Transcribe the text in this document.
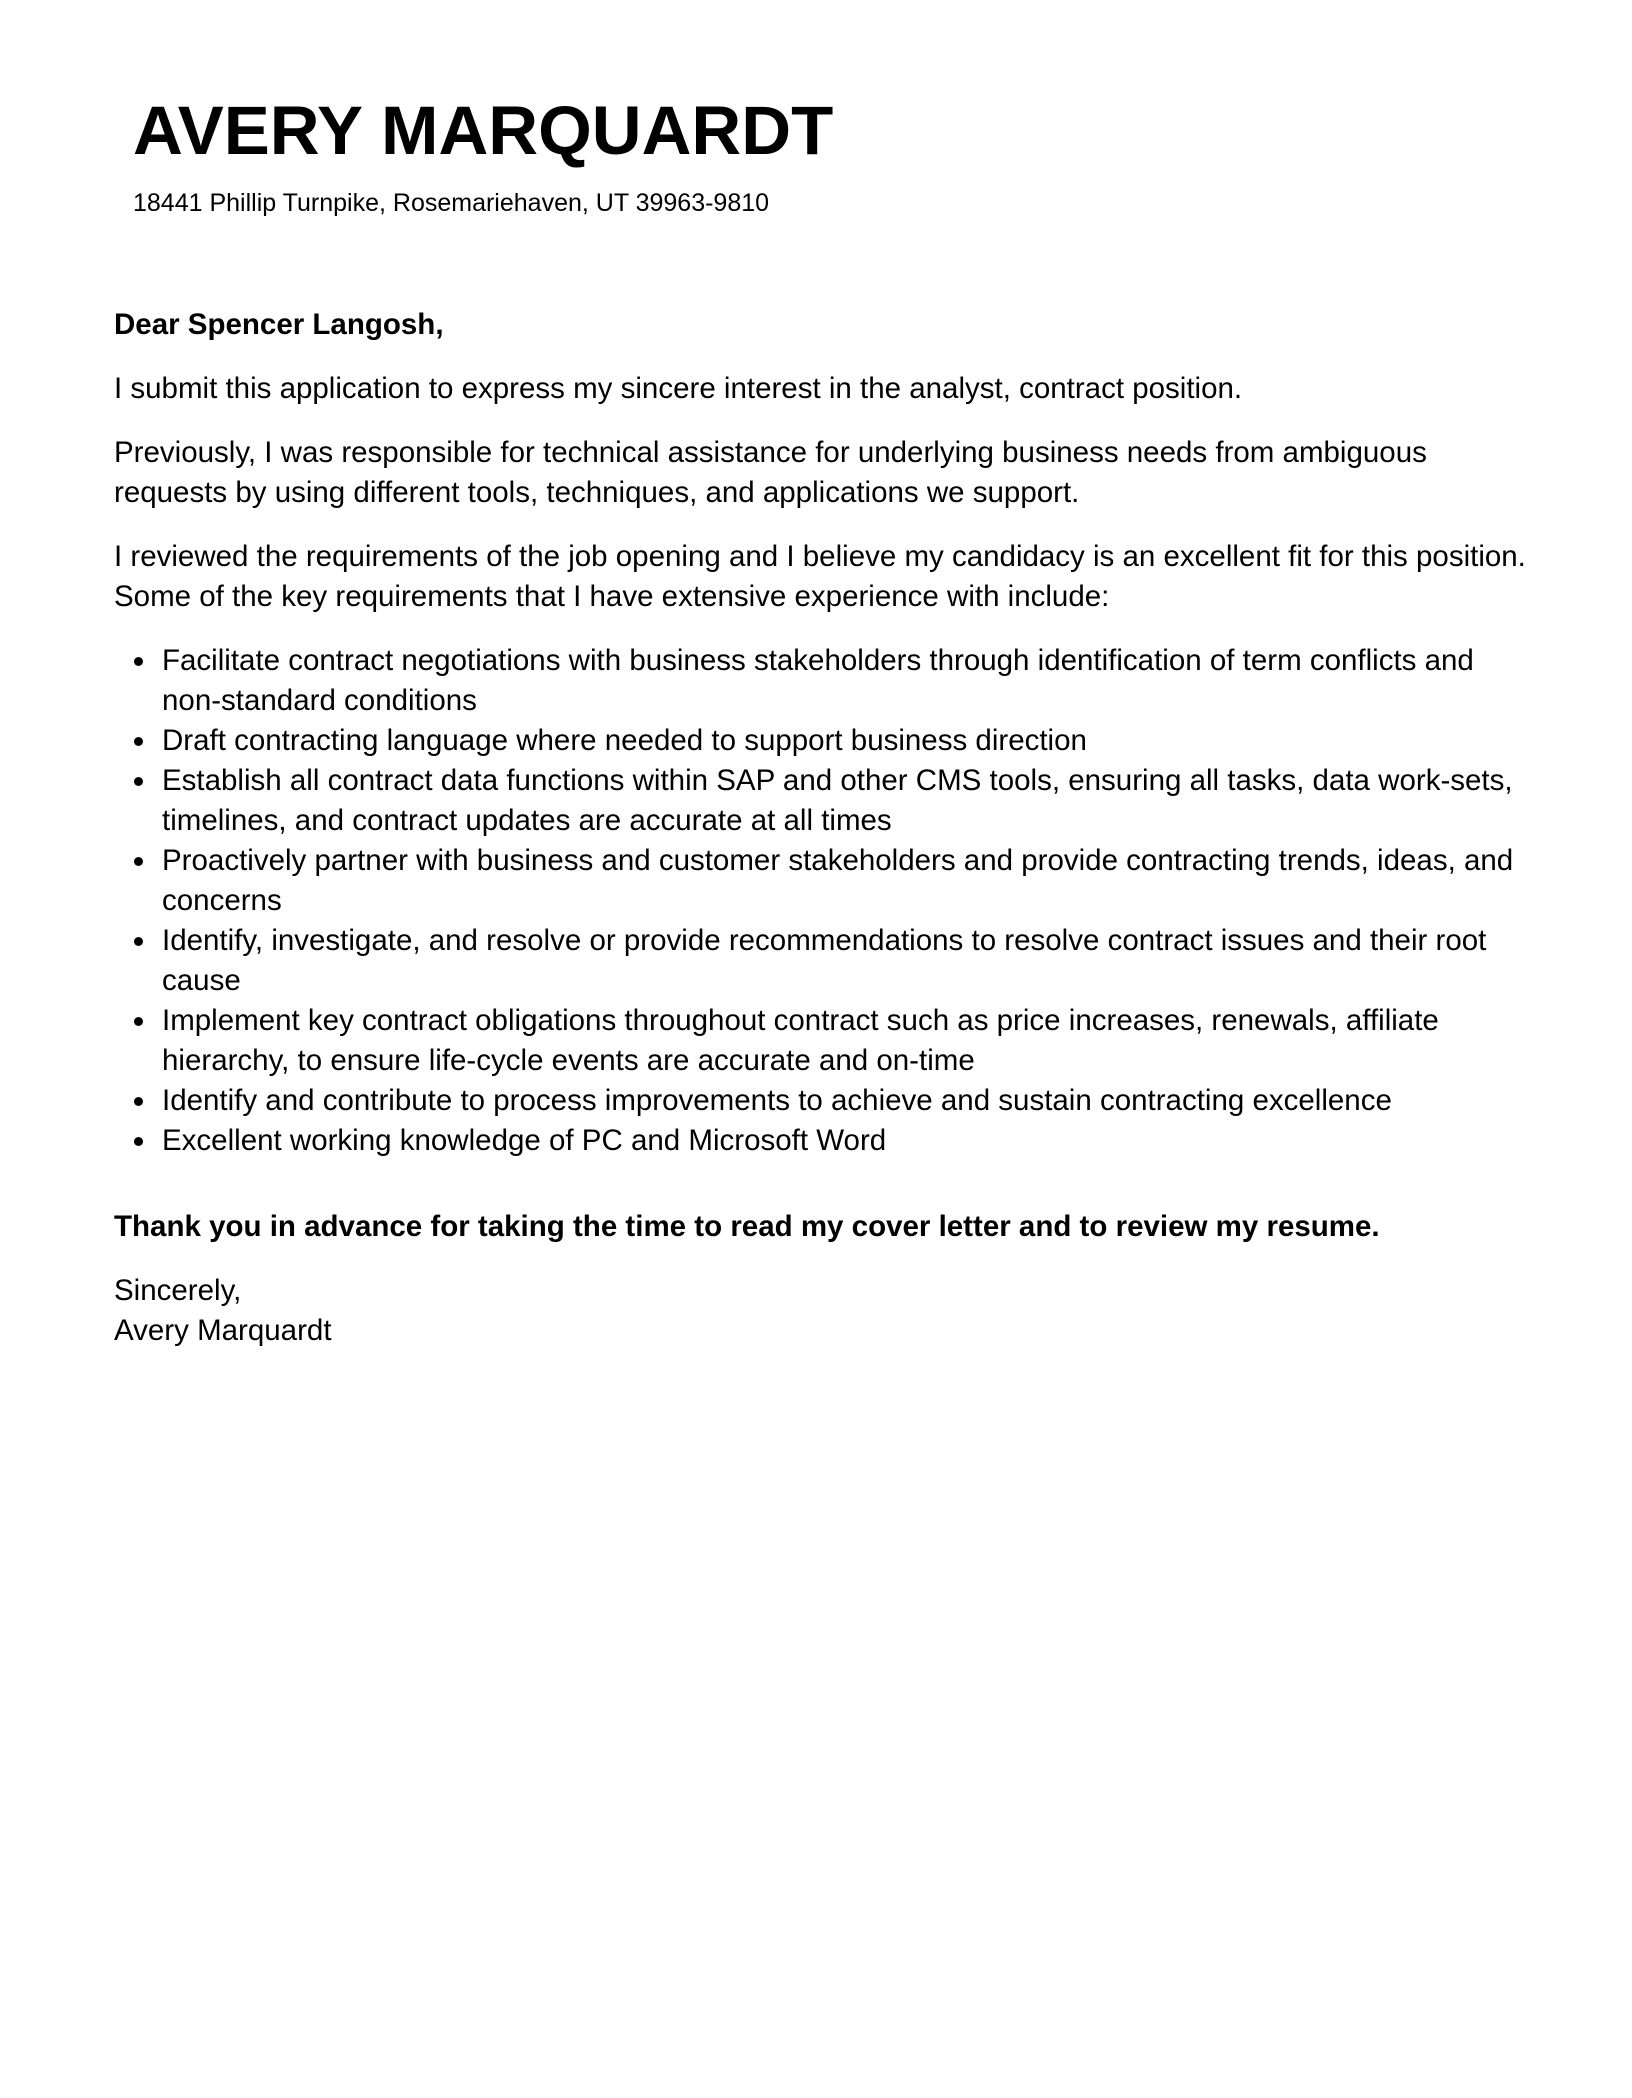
AVERY MARQUARDT
18441 Phillip Turnpike, Rosemariehaven, UT 39963-9810
Dear Spencer Langosh,

I submit this application to express my sincere interest in the analyst, contract position.

Previously, I was responsible for technical assistance for underlying business needs from ambiguous requests by using different tools, techniques, and applications we support.

I reviewed the requirements of the job opening and I believe my candidacy is an excellent fit for this position. Some of the key requirements that I have extensive experience with include:

Facilitate contract negotiations with business stakeholders through identification of term conflicts and non-standard conditions
Draft contracting language where needed to support business direction
Establish all contract data functions within SAP and other CMS tools, ensuring all tasks, data work-sets, timelines, and contract updates are accurate at all times
Proactively partner with business and customer stakeholders and provide contracting trends, ideas, and concerns
Identify, investigate, and resolve or provide recommendations to resolve contract issues and their root cause
Implement key contract obligations throughout contract such as price increases, renewals, affiliate hierarchy, to ensure life-cycle events are accurate and on-time
Identify and contribute to process improvements to achieve and sustain contracting excellence
Excellent working knowledge of PC and Microsoft Word
Thank you in advance for taking the time to read my cover letter and to review my resume.
Sincerely,
Avery Marquardt
